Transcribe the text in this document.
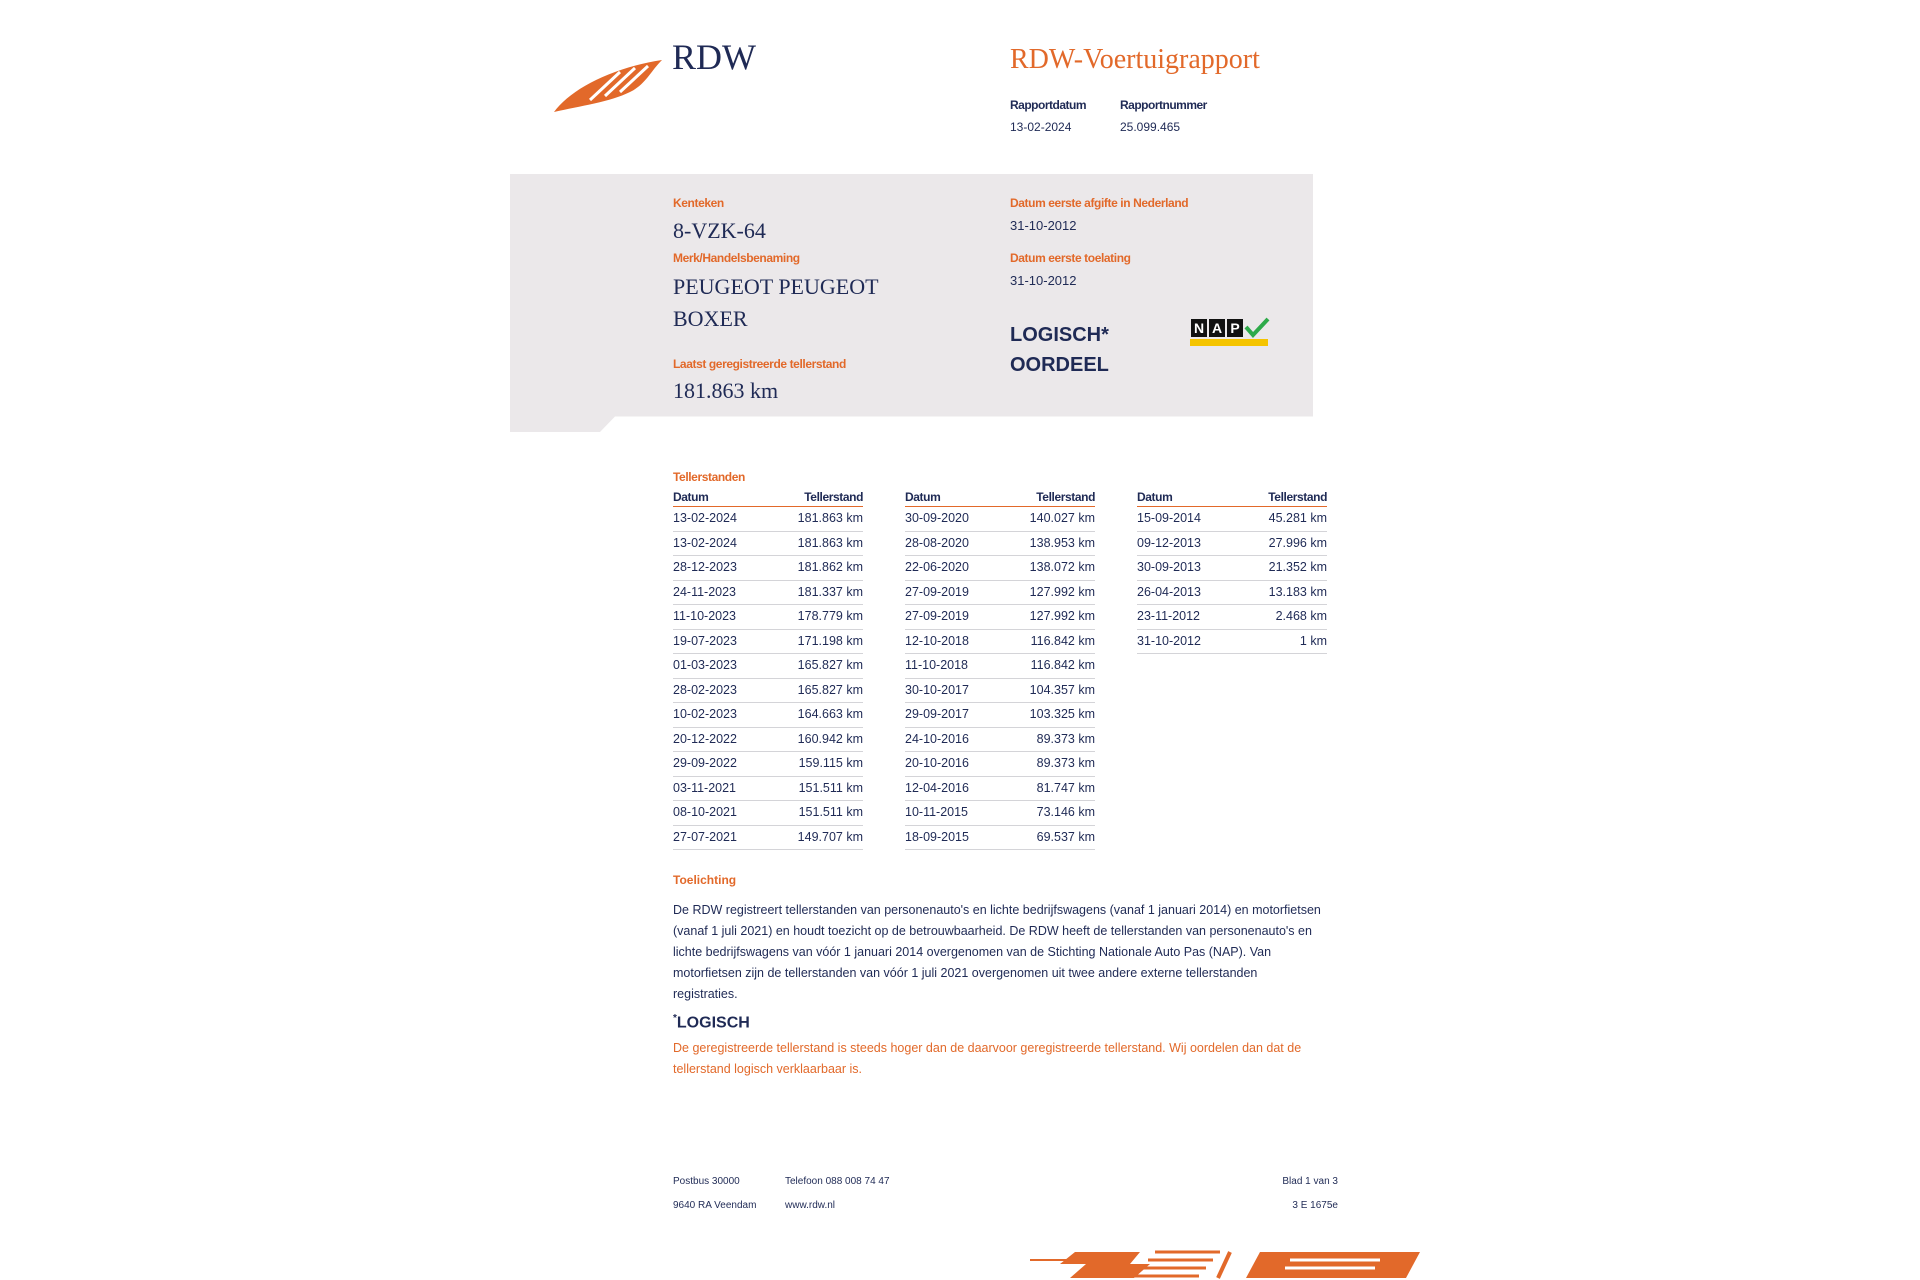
RDW	RDW-Voertuigrapport
Rapportdatum
13-02-2024
Rapportnummer
25.099.465
Kenteken
8-VZK-64
Merk/Handelsbenaming
PEUGEOT PEUGEOT
BOXER
Laatst geregistreerde tellerstand
181.863 km
Datum eerste afgifte in Nederland
31-10-2012
Datum eerste toelating
31-10-2012
LOGISCH*
OORDEEL
N A P
Tellerstanden
Datum	Tellerstand
13-02-2024	181.863 km
13-02-2024	181.863 km
28-12-2023	181.862 km
24-11-2023	181.337 km
11-10-2023	178.779 km
19-07-2023	171.198 km
01-03-2023	165.827 km
28-02-2023	165.827 km
10-02-2023	164.663 km
20-12-2022	160.942 km
29-09-2022	159.115 km
03-11-2021	151.511 km
08-10-2021	151.511 km
27-07-2021	149.707 km
Datum	Tellerstand
30-09-2020	140.027 km
28-08-2020	138.953 km
22-06-2020	138.072 km
27-09-2019	127.992 km
27-09-2019	127.992 km
12-10-2018	116.842 km
11-10-2018	116.842 km
30-10-2017	104.357 km
29-09-2017	103.325 km
24-10-2016	89.373 km
20-10-2016	89.373 km
12-04-2016	81.747 km
10-11-2015	73.146 km
18-09-2015	69.537 km
Datum	Tellerstand
15-09-2014	45.281 km
09-12-2013	27.996 km
30-09-2013	21.352 km
26-04-2013	13.183 km
23-11-2012	2.468 km
31-10-2012	1 km
Toelichting
De RDW registreert tellerstanden van personenauto's en lichte bedrijfswagens (vanaf 1 januari 2014) en motorfietsen (vanaf 1 juli 2021) en houdt toezicht op de betrouwbaarheid. De RDW heeft de tellerstanden van personenauto's en lichte bedrijfswagens van vóór 1 januari 2014 overgenomen van de Stichting Nationale Auto Pas (NAP). Van motorfietsen zijn de tellerstanden van vóór 1 juli 2021 overgenomen uit twee andere externe tellerstanden registraties.
*LOGISCH
De geregistreerde tellerstand is steeds hoger dan de daarvoor geregistreerde tellerstand. Wij oordelen dan dat de tellerstand logisch verklaarbaar is.
Postbus 30000
9640 RA Veendam
Telefoon 088 008 74 47
www.rdw.nl
Blad 1 van 3
3 E 1675e
